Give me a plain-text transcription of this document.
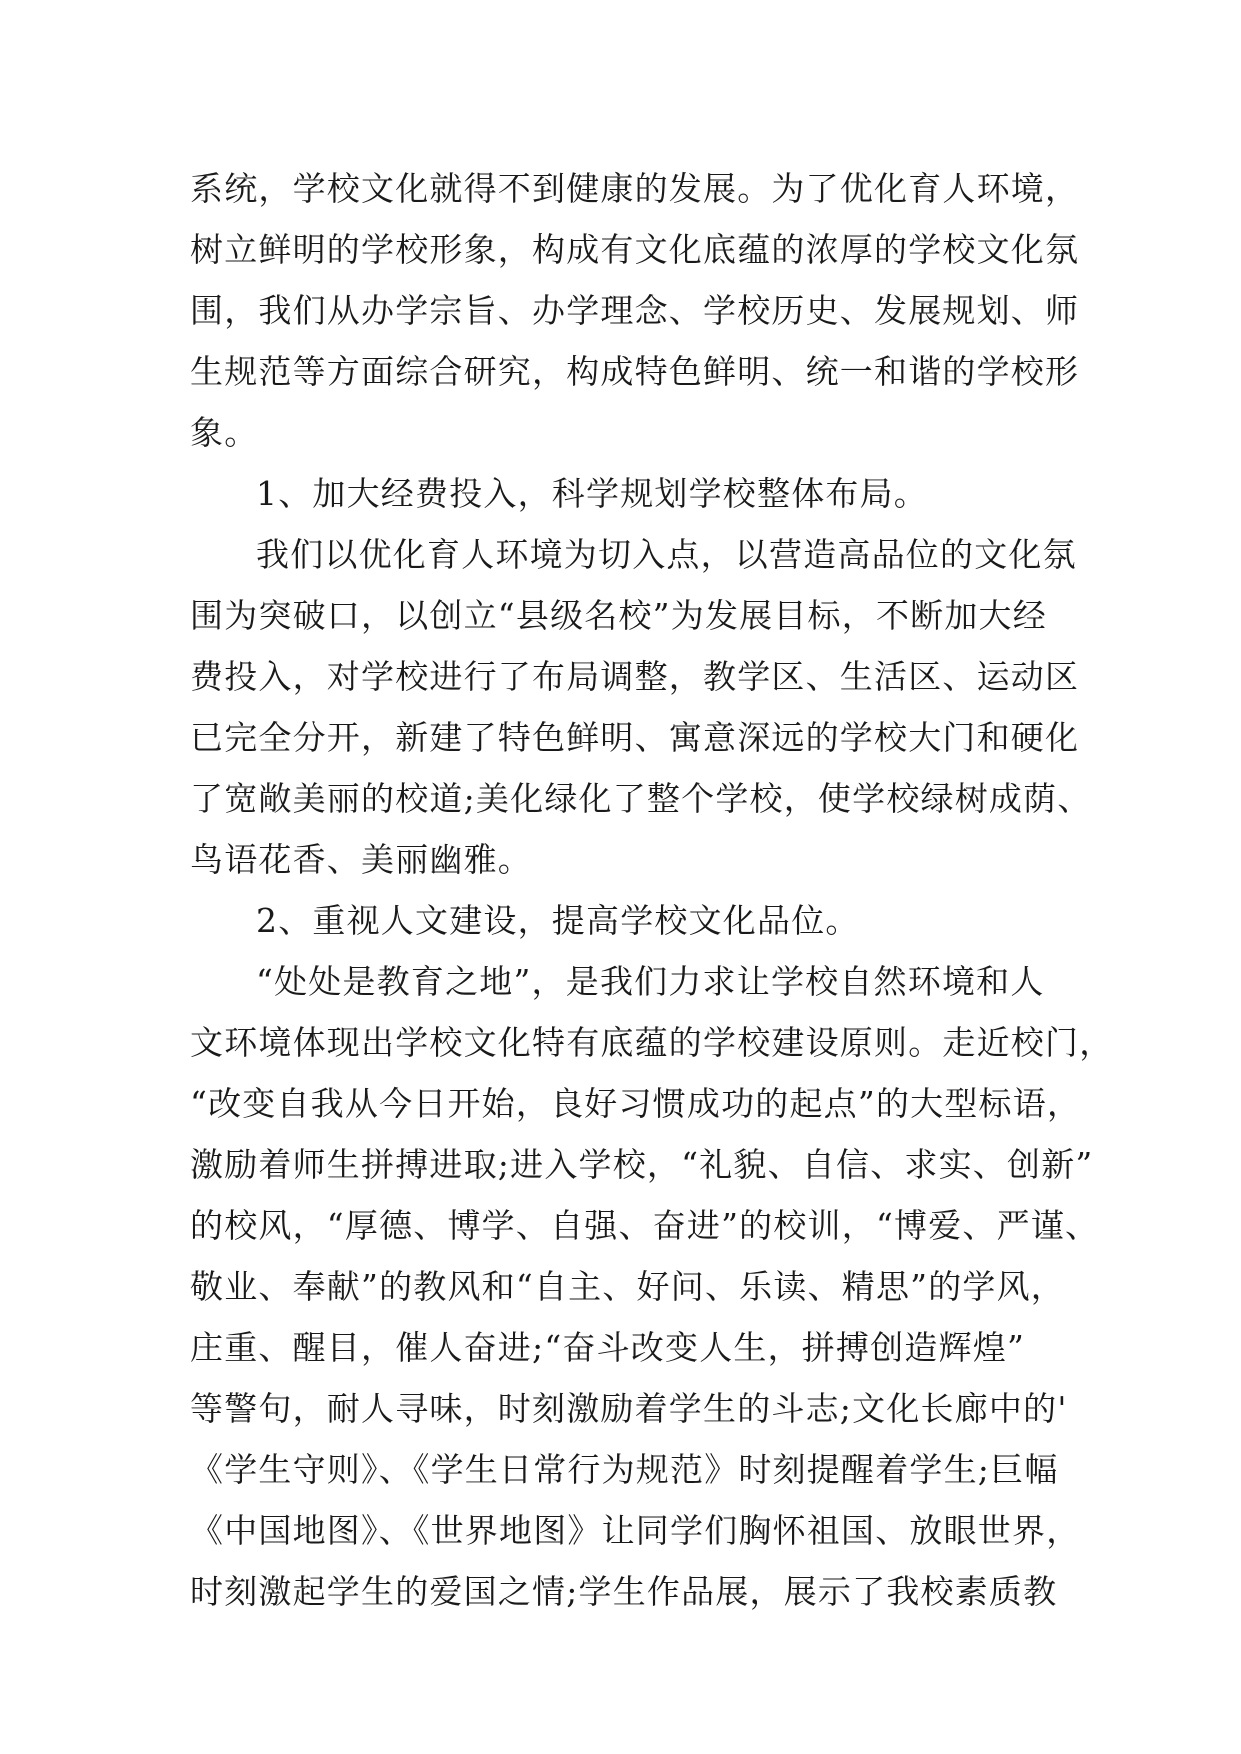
系统，学校文化就得不到健康的发展。为了优化育人环境，
树立鲜明的学校形象，构成有文化底蕴的浓厚的学校文化氛
围，我们从办学宗旨、办学理念、学校历史、发展规划、师
生规范等方面综合研究，构成特色鲜明、统一和谐的学校形
象。
1、加大经费投入，科学规划学校整体布局。
我们以优化育人环境为切入点，以营造高品位的文化氛
围为突破口，以创立“县级名校”为发展目标，不断加大经
费投入，对学校进行了布局调整，教学区、生活区、运动区
已完全分开，新建了特色鲜明、寓意深远的学校大门和硬化
了宽敞美丽的校道;美化绿化了整个学校，使学校绿树成荫、
鸟语花香、美丽幽雅。
2、重视人文建设，提高学校文化品位。
“处处是教育之地”，是我们力求让学校自然环境和人
文环境体现出学校文化特有底蕴的学校建设原则。走近校门，
“改变自我从今日开始，良好习惯成功的起点”的大型标语，
激励着师生拼搏进取;进入学校，“礼貌、自信、求实、创新”
的校风，“厚德、博学、自强、奋进”的校训，“博爱、严谨、
敬业、奉献”的教风和“自主、好问、乐读、精思”的学风，
庄重、醒目，催人奋进;“奋斗改变人生，拼搏创造辉煌”
等警句，耐人寻味，时刻激励着学生的斗志;文化长廊中的'
《学生守则》、《学生日常行为规范》时刻提醒着学生;巨幅
《中国地图》、《世界地图》让同学们胸怀祖国、放眼世界，
时刻激起学生的爱国之情;学生作品展，展示了我校素质教
